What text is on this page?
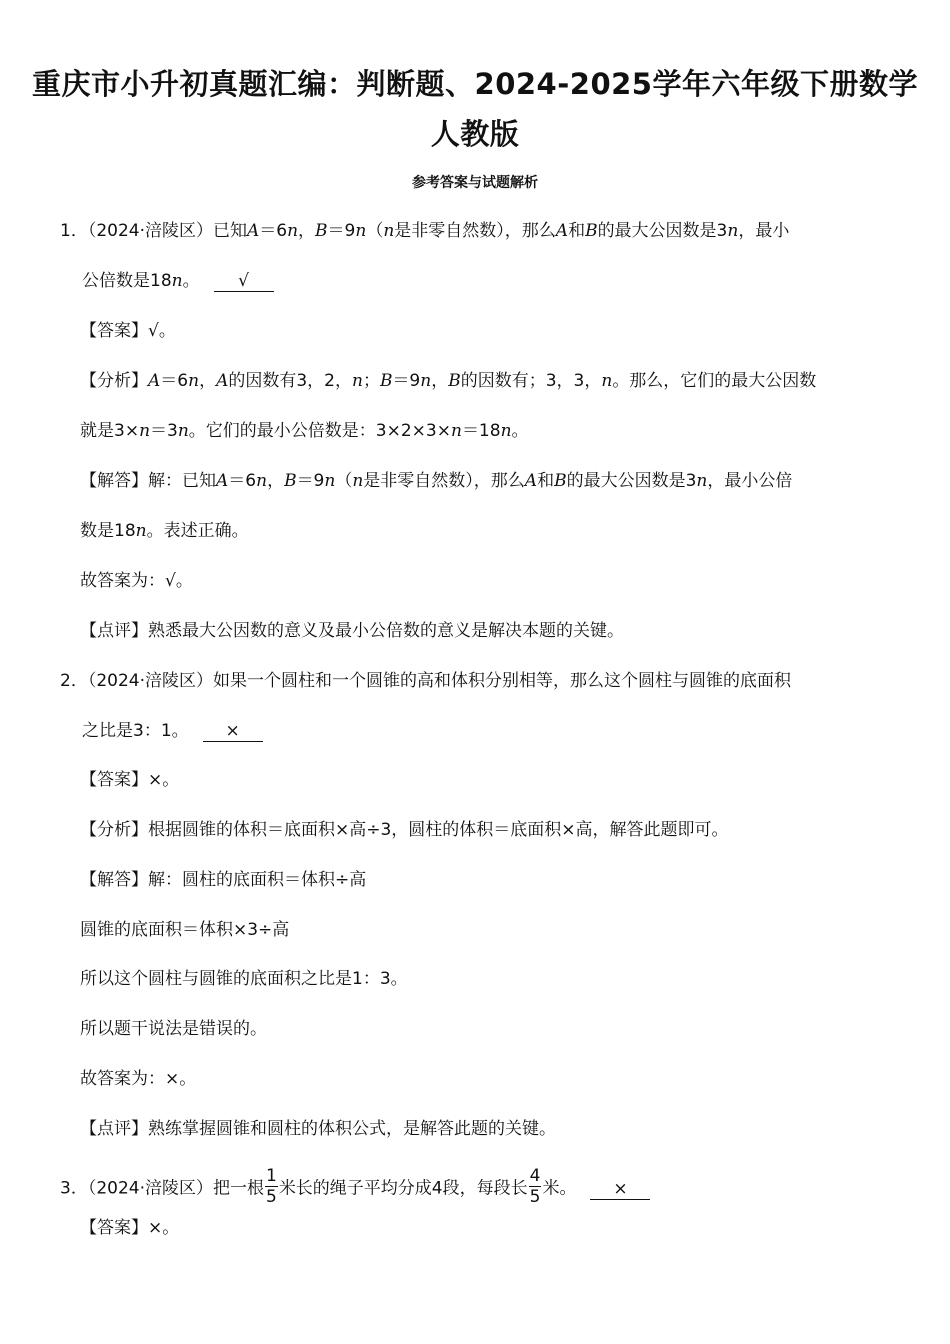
重庆市小升初真题汇编：判断题、2024-2025学年六年级下册数学
人教版
参考答案与试题解析
1．（2024·涪陵区）已知A＝6n，B＝9n（n是非零自然数），那么A和B的最大公因数是3n，最小
公倍数是18n。 √
【答案】√。
【分析】A＝6n，A的因数有3，2，n；B＝9n，B的因数有；3，3，n。那么，它们的最大公因数
就是3×n＝3n。它们的最小公倍数是：3×2×3×n＝18n。
【解答】解：已知A＝6n，B＝9n（n是非零自然数），那么A和B的最大公因数是3n，最小公倍
数是18n。表述正确。
故答案为：√。
【点评】熟悉最大公因数的意义及最小公倍数的意义是解决本题的关键。
2．（2024·涪陵区）如果一个圆柱和一个圆锥的高和体积分别相等，那么这个圆柱与圆锥的底面积
之比是3：1。 ×
【答案】×。
【分析】根据圆锥的体积＝底面积×高÷3，圆柱的体积＝底面积×高，解答此题即可。
【解答】解：圆柱的底面积＝体积÷高
圆锥的底面积＝体积×3÷高
所以这个圆柱与圆锥的底面积之比是1：3。
所以题干说法是错误的。
故答案为：×。
【点评】熟练掌握圆锥和圆柱的体积公式，是解答此题的关键。
3．（2024·涪陵区）把一根 $\frac{1}{5}$ 米长的绳子平均分成4段，每段长 $\frac{4}{5}$ 米。 ×
【答案】×。
